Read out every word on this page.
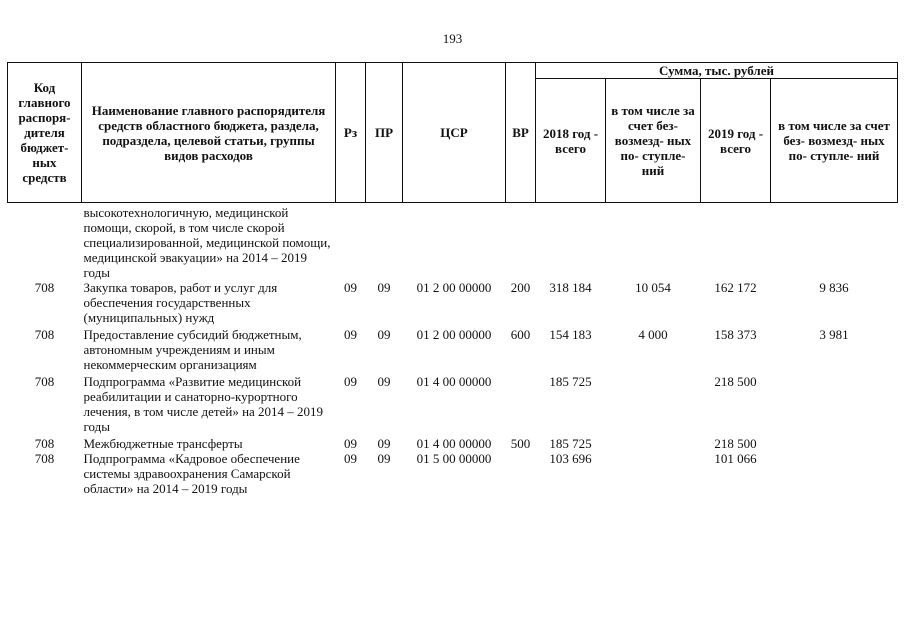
193
Код главного распоря- дителя бюджет- ных средств	Наименование главного распорядителя средств областного бюджета, раздела, подраздела, целевой статьи, группы видов расходов	Рз	ПР	ЦСР	ВР	Сумма, тыс. рублей			
						2018 год - всего	в том числе за счет без- возмезд- ных по- ступле- ний	2019 год - всего	в том числе за счет без- возмезд- ных по- ступле- ний
	высокотехнологичную, медицинской помощи, скорой, в том числе скорой специализированной, медицинской помощи, медицинской эвакуации» на 2014 – 2019 годы								
708	Закупка товаров, работ и услуг для обеспечения государственных (муниципальных) нужд	09	09	01 2 00 00000	200	318 184	10 054	162 172	9 836
708	Предоставление субсидий бюджетным, автономным учреждениям и иным некоммерческим организациям	09	09	01 2 00 00000	600	154 183	4 000	158 373	3 981
708	Подпрограмма «Развитие медицинской реабилитации и санаторно-курортного лечения, в том числе детей» на 2014 – 2019 годы	09	09	01 4 00 00000		185 725		218 500	
708	Межбюджетные трансферты	09	09	01 4 00 00000	500	185 725		218 500	
708	Подпрограмма «Кадровое обеспечение системы здравоохранения Самарской области» на 2014 – 2019 годы	09	09	01 5 00 00000		103 696		101 066	
